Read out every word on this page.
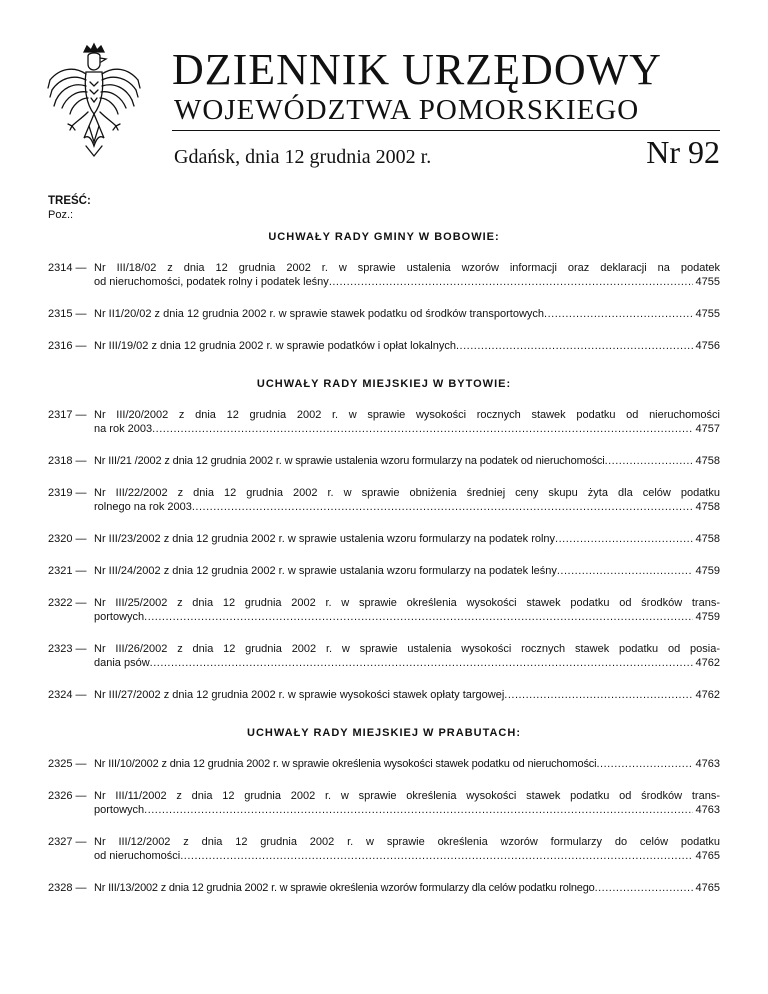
DZIENNIK URZĘDOWY
WOJEWÓDZTWA POMORSKIEGO
Gdańsk, dnia 12 grudnia 2002 r.	Nr 92
TREŚĆ:
Poz.:
UCHWAŁY RADY GMINY W BOBOWIE:
2314 — Nr III/18/02 z dnia 12 grudnia 2002 r. w sprawie ustalenia wzorów informacji oraz deklaracji na podatek
od nieruchomości, podatek rolny i podatek leśny .....	4755
2315 — Nr II1/20/02 z dnia 12 grudnia 2002 r. w sprawie stawek podatku od środków transportowych .....	4755
2316 — Nr III/19/02 z dnia 12 grudnia 2002 r. w sprawie podatków i opłat lokalnych .....	4756
UCHWAŁY RADY MIEJSKIEJ W BYTOWIE:
2317 — Nr III/20/2002 z dnia 12 grudnia 2002 r. w sprawie wysokości rocznych stawek podatku od nieruchomości
na rok 2003 .....	4757
2318 — Nr III/21 /2002 z dnia 12 grudnia 2002 r. w sprawie ustalenia wzoru formularzy na podatek od nieruchomości .....	4758
2319 — Nr III/22/2002 z dnia 12 grudnia 2002 r. w sprawie obniżenia średniej ceny skupu żyta dla celów podatku
rolnego na rok 2003 .....	4758
2320 — Nr III/23/2002 z dnia 12 grudnia 2002 r. w sprawie ustalenia wzoru formularzy na podatek rolny .....	4758
2321 — Nr III/24/2002 z dnia 12 grudnia 2002 r. w sprawie ustalania wzoru formularzy na podatek leśny .....	4759
2322 — Nr III/25/2002 z dnia 12 grudnia 2002 r. w sprawie określenia wysokości stawek podatku od środków trans-
portowych .....	4759
2323 — Nr III/26/2002 z dnia 12 grudnia 2002 r. w sprawie ustalenia wysokości rocznych stawek podatku od posia-
dania psów .....	4762
2324 — Nr III/27/2002 z dnia 12 grudnia 2002 r. w sprawie wysokości stawek opłaty targowej .....	4762
UCHWAŁY RADY MIEJSKIEJ W PRABUTACH:
2325 — Nr III/10/2002 z dnia 12 grudnia 2002 r. w sprawie określenia wysokości stawek podatku od nieruchomości .....	4763
2326 — Nr III/11/2002 z dnia 12 grudnia 2002 r. w sprawie określenia wysokości stawek podatku od środków trans-
portowych .....	4763
2327 — Nr III/12/2002 z dnia 12 grudnia 2002 r. w sprawie określenia wzorów formularzy do celów podatku
od nieruchomości .....	4765
2328 — Nr III/13/2002 z dnia 12 grudnia 2002 r. w sprawie określenia wzorów formularzy dla celów podatku rolnego .....	4765
